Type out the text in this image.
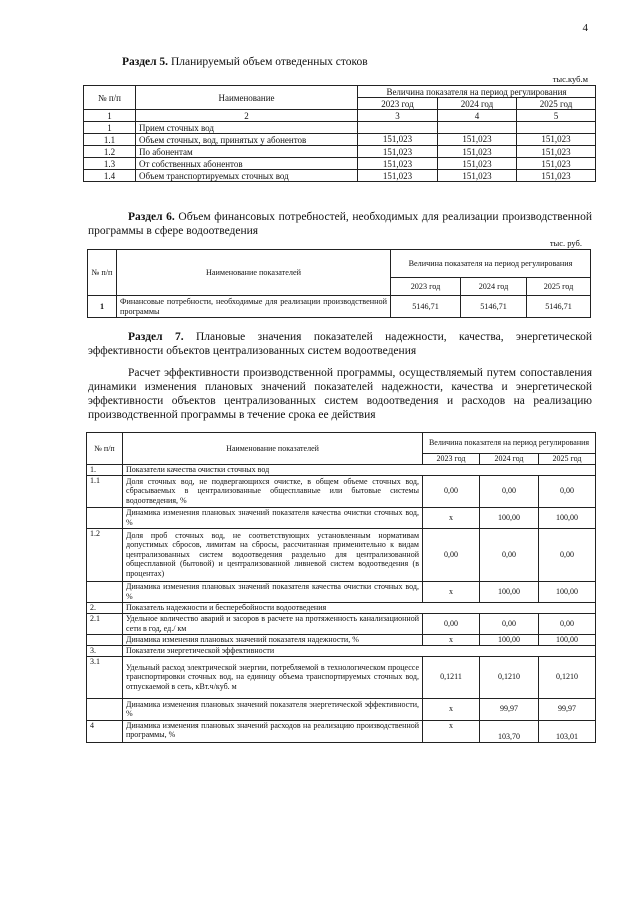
4
Раздел 5. Планируемый объем отведенных стоков
тыс.куб.м
№ п/п	Наименование	Величина показателя на период регулирования		
		2023 год	2024 год	2025 год
1	2	3	4	5
1	Прием сточных вод			
1.1	Объем сточных, вод, принятых у абонентов	151,023	151,023	151,023
1.2	По абонентам	151,023	151,023	151,023
1.3	От собственных абонентов	151,023	151,023	151,023
1.4	Объем транспортируемых сточных вод	151,023	151,023	151,023
Раздел 6. Объем финансовых потребностей, необходимых для реализации производственной программы в сфере водоотведения
тыс. руб.
№ п/п	Наименование показателей	Величина показателя на период регулирования		
		2023 год	2024 год	2025 год
1	Финансовые потребности, необходимые для реализации производственной программы	5146,71	5146,71	5146,71
Раздел 7. Плановые значения показателей надежности, качества, энергетической эффективности объектов централизованных систем водоотведения
Расчет эффективности производственной программы, осуществляемый путем сопоставления динамики изменения плановых значений показателей надежности, качества и энергетической эффективности объектов централизованных систем водоотведения и расходов на реализацию производственной программы в течение срока ее действия
№ п/п	Наименование показателей	Величина показателя на период регулирования		
		2023 год	2024 год	2025 год
1.	Показатели качества очистки сточных вод			
1.1	Доля сточных вод, не подвергающихся очистке, в общем объеме сточных вод, сбрасываемых в централизованные общесплавные или бытовые системы водоотведения, %	0,00	0,00	0,00
	Динамика изменения плановых значений показателя качества очистки сточных вод, %	x	100,00	100,00
1.2	Доля проб сточных вод, не соответствующих установленным нормативам допустимых сбросов, лимитам на сбросы, рассчитанная применительно к видам централизованных систем водоотведения раздельно для централизованной общесплавной (бытовой) и централизованной ливневой систем водоотведения (в процентах)	0,00	0,00	0,00
	Динамика изменения плановых значений показателя качества очистки сточных вод, %	x	100,00	100,00
2.	Показатель надежности и бесперебойности водоотведения			
2.1	Удельное количество аварий и засоров в расчете на протяженность канализационной сети в год, ед./ км	0,00	0,00	0,00
	Динамика изменения плановых значений показателя надежности, %	x	100,00	100,00
3.	Показатели энергетической эффективности			
3.1	Удельный расход электрической энергии, потребляемой в технологическом процессе транспортировки сточных вод, на единицу объема транспортируемых сточных вод, отпускаемой в сеть, кВт.ч/куб. м	0,1211	0,1210	0,1210
	Динамика изменения плановых значений показателя энергетической эффективности, %	x	99,97	99,97
4	Динамика изменения плановых значений расходов на реализацию производственной программы, %	x	103,70	103,01
